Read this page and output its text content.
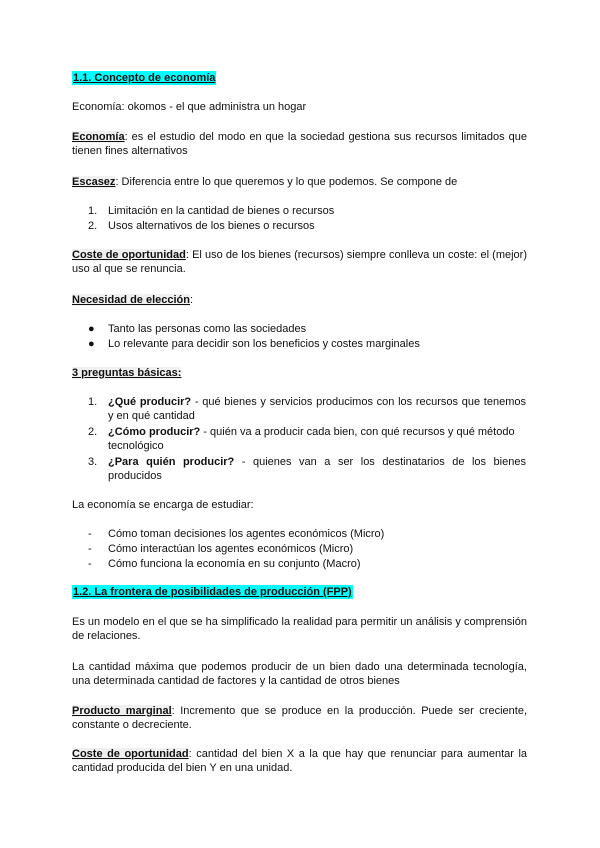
1.1. Concepto de economía
Economía: okomos - el que administra un hogar
Economía: es el estudio del modo en que la sociedad gestiona sus recursos limitados que tienen fines alternativos
Escasez: Diferencia entre lo que queremos y lo que podemos. Se compone de
1. Limitación en la cantidad de bienes o recursos
2. Usos alternativos de los bienes o recursos
Coste de oportunidad: El uso de los bienes (recursos) siempre conlleva un coste: el (mejor) uso al que se renuncia.
Necesidad de elección:
●	Tanto las personas como las sociedades
●	Lo relevante para decidir son los beneficios y costes marginales
3 preguntas básicas:
1. ¿Qué producir? - qué bienes y servicios producimos con los recursos que tenemos y en qué cantidad
2. ¿Cómo producir? - quién va a producir cada bien, con qué recursos y qué método tecnológico
3. ¿Para quién producir? - quienes van a ser los destinatarios de los bienes producidos
La economía se encarga de estudiar:
-	Cómo toman decisiones los agentes económicos (Micro)
-	Cómo interactúan los agentes económicos (Micro)
-	Cómo funciona la economía en su conjunto (Macro)
1.2. La frontera de posibilidades de producción (FPP)
Es un modelo en el que se ha simplificado la realidad para permitir un análisis y comprensión de relaciones.
La cantidad máxima que podemos producir de un bien dado una determinada tecnología, una determinada cantidad de factores y la cantidad de otros bienes
Producto marginal: Incremento que se produce en la producción. Puede ser creciente, constante o decreciente.
Coste de oportunidad: cantidad del bien X a la que hay que renunciar para aumentar la cantidad producida del bien Y en una unidad.
